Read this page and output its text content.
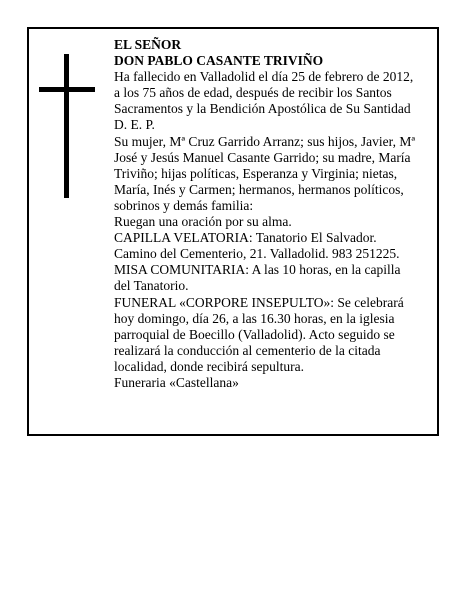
EL SEÑOR
DON PABLO CASANTE TRIVIÑO
Ha fallecido en Valladolid el día 25 de febrero de 2012,
a los 75 años de edad, después de recibir los Santos
Sacramentos y la Bendición Apostólica de Su Santidad
D. E. P.
Su mujer, Mª Cruz Garrido Arranz; sus hijos, Javier, Mª
José y Jesús Manuel Casante Garrido; su madre, María
Triviño; hijas políticas, Esperanza y Virginia; nietas,
María, Inés y Carmen; hermanos, hermanos políticos,
sobrinos y demás familia:
Ruegan una oración por su alma.
CAPILLA VELATORIA: Tanatorio El Salvador.
Camino del Cementerio, 21. Valladolid. 983 251225.
MISA COMUNITARIA: A las 10 horas, en la capilla
del Tanatorio.
FUNERAL «CORPORE INSEPULTO»: Se celebrará
hoy domingo, día 26, a las 16.30 horas, en la iglesia
parroquial de Boecillo (Valladolid). Acto seguido se
realizará la conducción al cementerio de la citada
localidad, donde recibirá sepultura.
Funeraria «Castellana»
